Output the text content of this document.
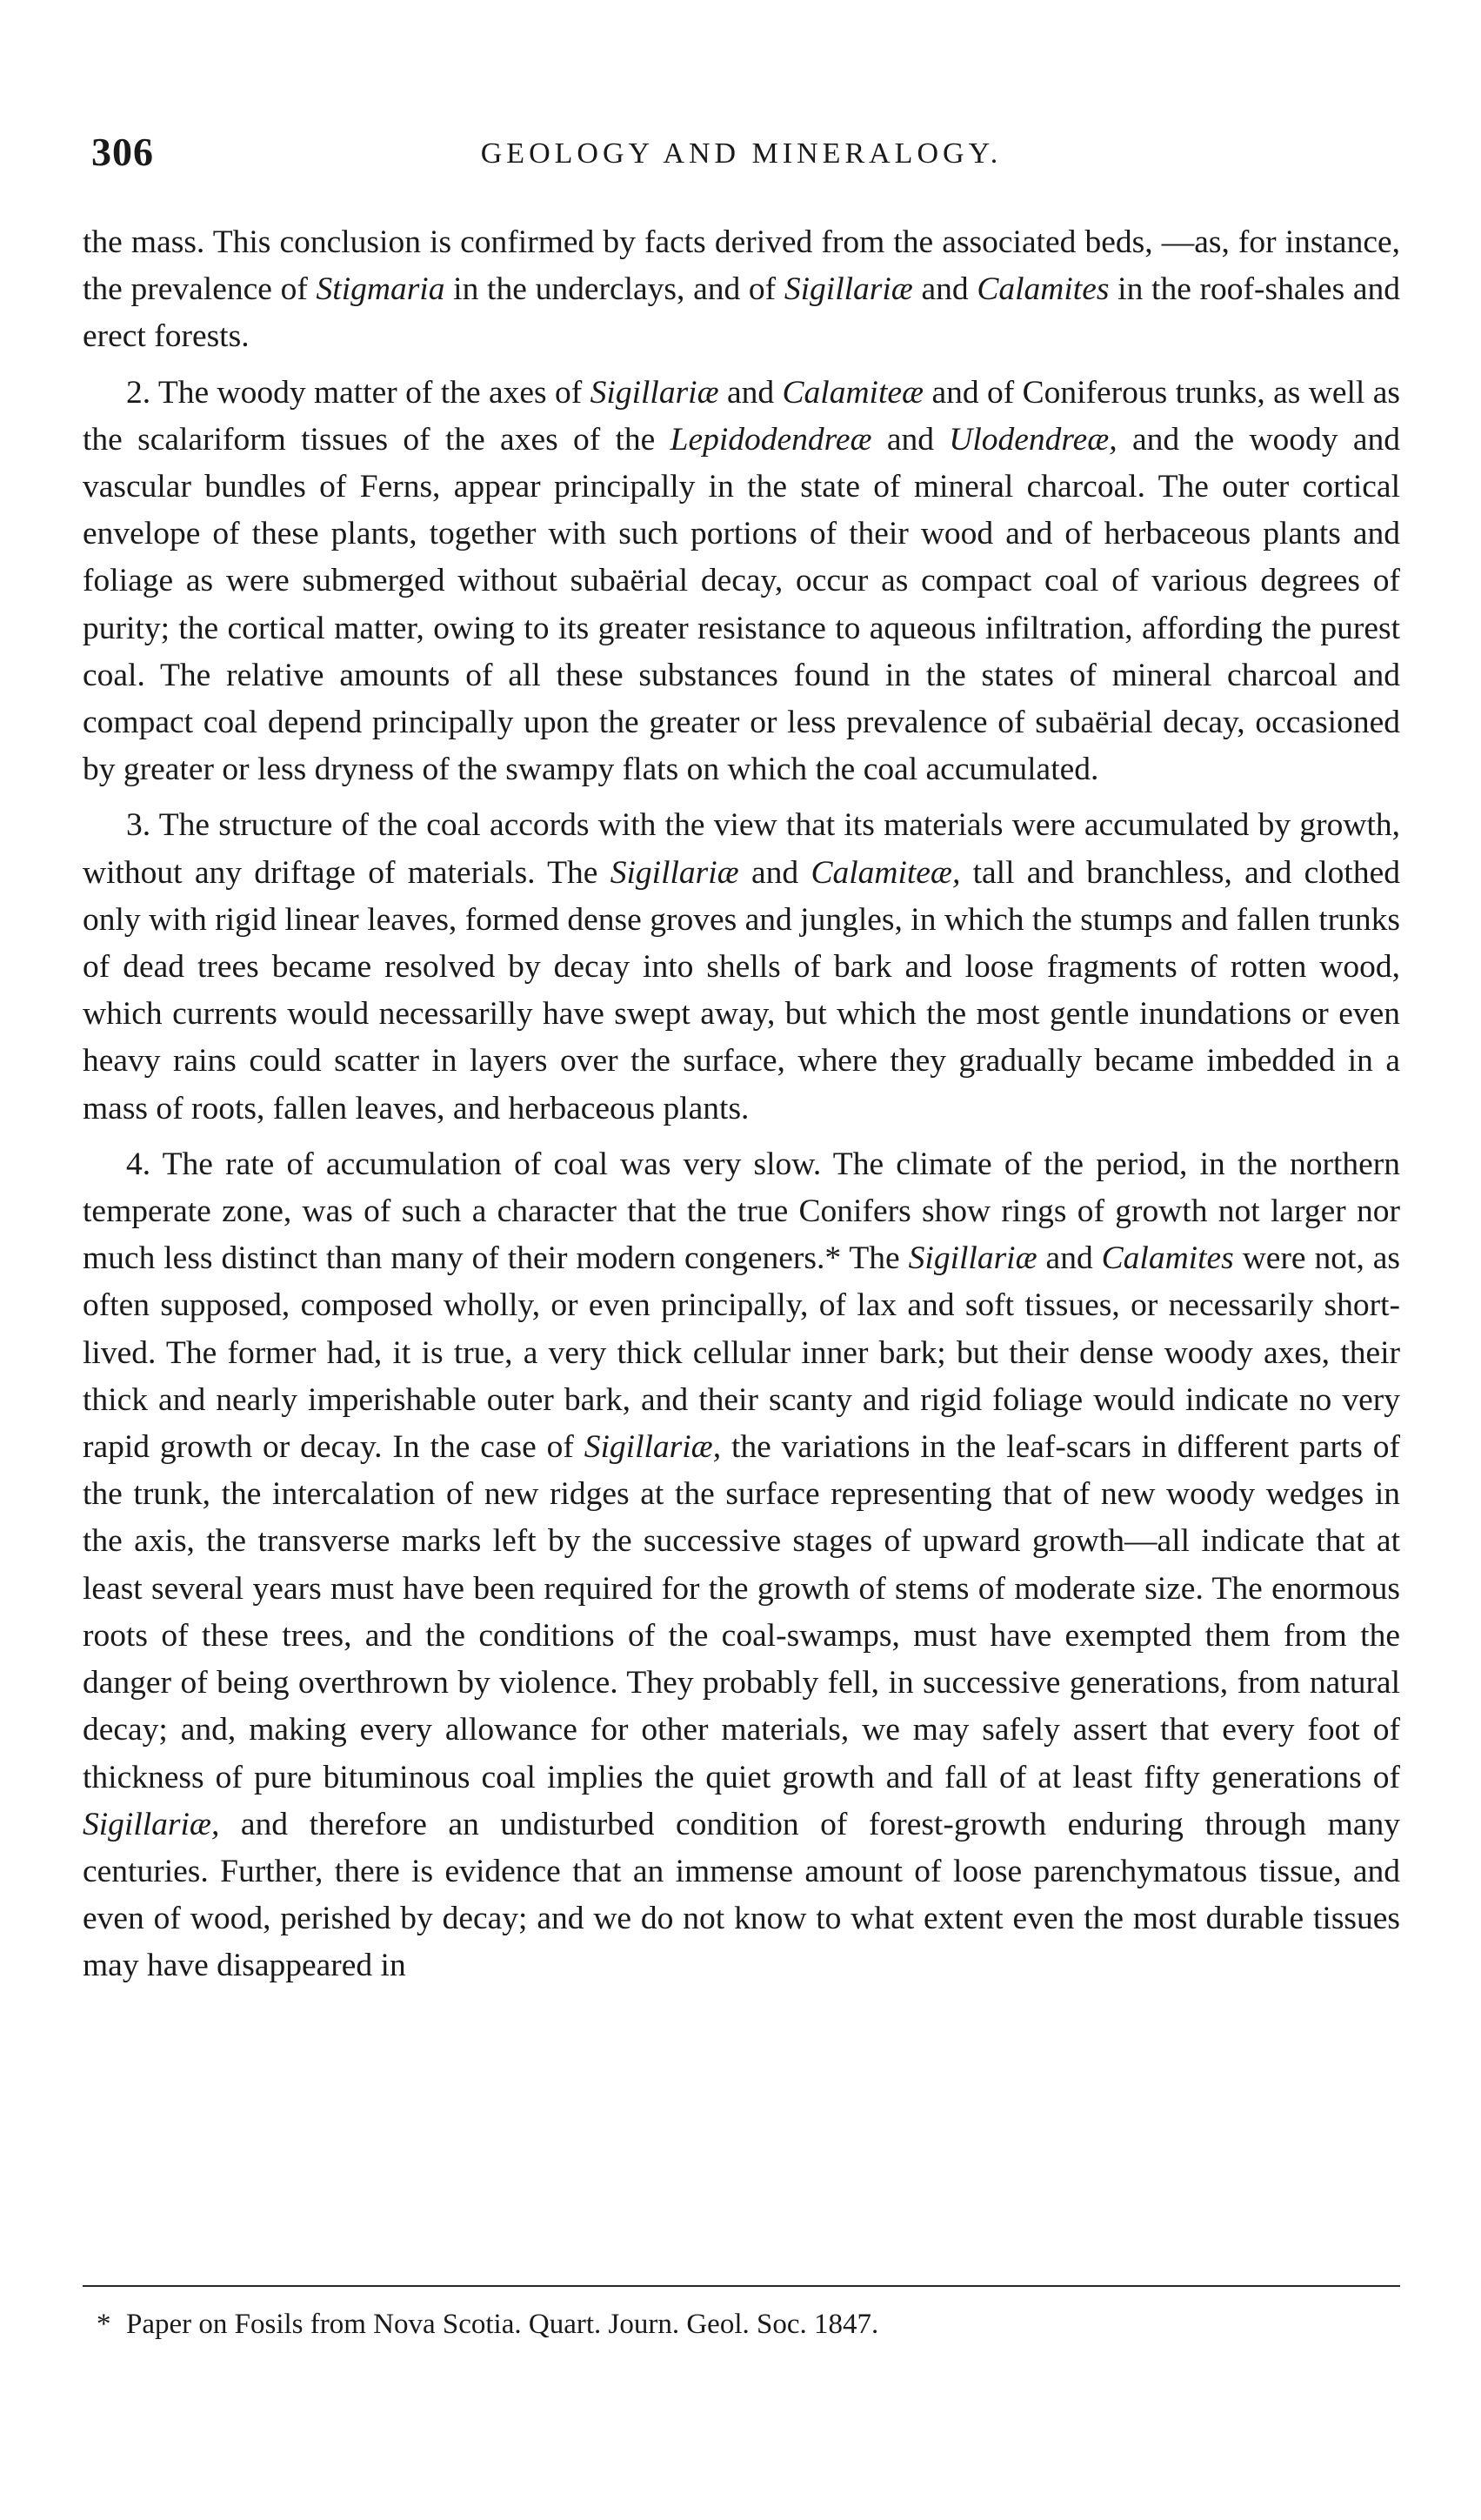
306	GEOLOGY AND MINERALOGY.

the mass. This conclusion is confirmed by facts derived from the associated beds, —as, for instance, the prevalence of Stigmaria in the underclays, and of Sigillariæ and Calamites in the roof-shales and erect forests.

2. The woody matter of the axes of Sigillariæ and Calamiteæ and of Coniferous trunks, as well as the scalariform tissues of the axes of the Lepidodendreæ and Ulodendreæ, and the woody and vascular bundles of Ferns, appear principally in the state of mineral charcoal. The outer cortical envelope of these plants, together with such portions of their wood and of herbaceous plants and foliage as were submerged without subaërial decay, occur as compact coal of various degrees of purity; the cortical matter, owing to its greater resistance to aqueous infiltration, affording the purest coal. The relative amounts of all these substances found in the states of mineral charcoal and compact coal depend principally upon the greater or less prevalence of subaërial decay, occasioned by greater or less dryness of the swampy flats on which the coal accumulated.

3. The structure of the coal accords with the view that its materials were accumulated by growth, without any driftage of materials. The Sigillariæ and Calamiteæ, tall and branchless, and clothed only with rigid linear leaves, formed dense groves and jungles, in which the stumps and fallen trunks of dead trees became resolved by decay into shells of bark and loose fragments of rotten wood, which currents would necessarilly have swept away, but which the most gentle inundations or even heavy rains could scatter in layers over the surface, where they gradually became imbedded in a mass of roots, fallen leaves, and herbaceous plants.

4. The rate of accumulation of coal was very slow. The climate of the period, in the northern temperate zone, was of such a character that the true Conifers show rings of growth not larger nor much less distinct than many of their modern congeners.* The Sigillariæ and Calamites were not, as often supposed, composed wholly, or even principally, of lax and soft tissues, or necessarily short-lived. The former had, it is true, a very thick cellular inner bark; but their dense woody axes, their thick and nearly imperishable outer bark, and their scanty and rigid foliage would indicate no very rapid growth or decay. In the case of Sigillariæ, the variations in the leaf-scars in different parts of the trunk, the intercalation of new ridges at the surface representing that of new woody wedges in the axis, the transverse marks left by the successive stages of upward growth—all indicate that at least several years must have been required for the growth of stems of moderate size. The enormous roots of these trees, and the conditions of the coal-swamps, must have exempted them from the danger of being overthrown by violence. They probably fell, in successive generations, from natural decay; and, making every allowance for other materials, we may safely assert that every foot of thickness of pure bituminous coal implies the quiet growth and fall of at least fifty generations of Sigillariæ, and therefore an undisturbed condition of forest-growth enduring through many centuries. Further, there is evidence that an immense amount of loose parenchymatous tissue, and even of wood, perished by decay; and we do not know to what extent even the most durable tissues may have disappeared in

* Paper on Fosils from Nova Scotia. Quart. Journ. Geol. Soc. 1847.
